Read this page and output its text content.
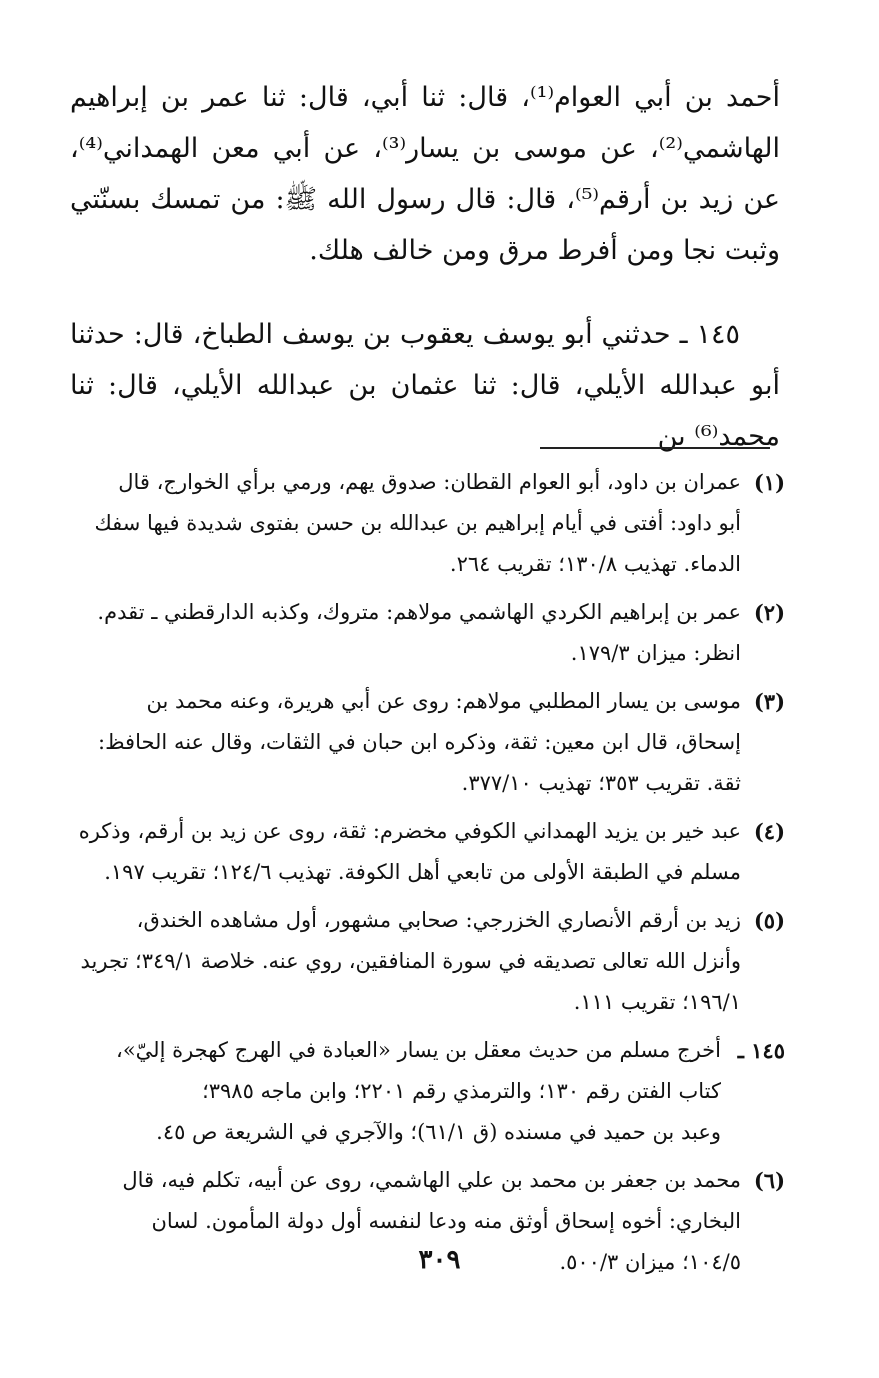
أحمد بن أبي العوام⁽¹⁾، قال: ثنا أبي، قال: ثنا عمر بن إبراهيم الهاشمي⁽²⁾، عن موسى بن يسار⁽³⁾، عن أبي معن الهمداني⁽⁴⁾، عن زيد بن أرقم⁽⁵⁾، قال: قال رسول الله ﷺ: من تمسك بسنّتي وثبت نجا ومن أفرط مرق ومن خالف هلك.

١٤٥ ـ حدثني أبو يوسف يعقوب بن يوسف الطباخ، قال: حدثنا أبو عبدالله الأيلي، قال: ثنا عثمان بن عبدالله الأيلي، قال: ثنا محمد⁽⁶⁾ بن

(١)
عمران بن داود، أبو العوام القطان: صدوق يهم، ورمي برأي الخوارج، قال
أبو داود: أفتى في أيام إبراهيم بن عبدالله بن حسن بفتوى شديدة فيها سفك
الدماء. تهذيب ١٣٠/٨؛ تقريب ٢٦٤.
(٢)
عمر بن إبراهيم الكردي الهاشمي مولاهم: متروك، وكذبه الدارقطني ـ تقدم.
انظر: ميزان ١٧٩/٣.
(٣)
موسى بن يسار المطلبي مولاهم: روى عن أبي هريرة، وعنه محمد بن
إسحاق، قال ابن معين: ثقة، وذكره ابن حبان في الثقات، وقال عنه الحافظ:
ثقة. تقريب ٣٥٣؛ تهذيب ٣٧٧/١٠.
(٤)
عبد خير بن يزيد الهمداني الكوفي مخضرم: ثقة، روى عن زيد بن أرقم، وذكره
مسلم في الطبقة الأولى من تابعي أهل الكوفة. تهذيب ١٢٤/٦؛ تقريب ١٩٧.
(٥)
زيد بن أرقم الأنصاري الخزرجي: صحابي مشهور، أول مشاهده الخندق،
وأنزل الله تعالى تصديقه في سورة المنافقين، روي عنه. خلاصة ٣٤٩/١؛ تجريد
١٩٦/١؛ تقريب ١١١.
١٤٥ ـ
أخرج مسلم من حديث معقل بن يسار «العبادة في الهرج كهجرة إليّ»،
كتاب الفتن رقم ١٣٠؛ والترمذي رقم ٢٢٠١؛ وابن ماجه ٣٩٨٥؛
وعبد بن حميد في مسنده (ق ٦١/١)؛ والآجري في الشريعة ص ٤٥.
(٦)
محمد بن جعفر بن محمد بن علي الهاشمي، روى عن أبيه، تكلم فيه، قال
البخاري: أخوه إسحاق أوثق منه ودعا لنفسه أول دولة المأمون. لسان
١٠٤/٥؛ ميزان ٥٠٠/٣.
٣٠٩
